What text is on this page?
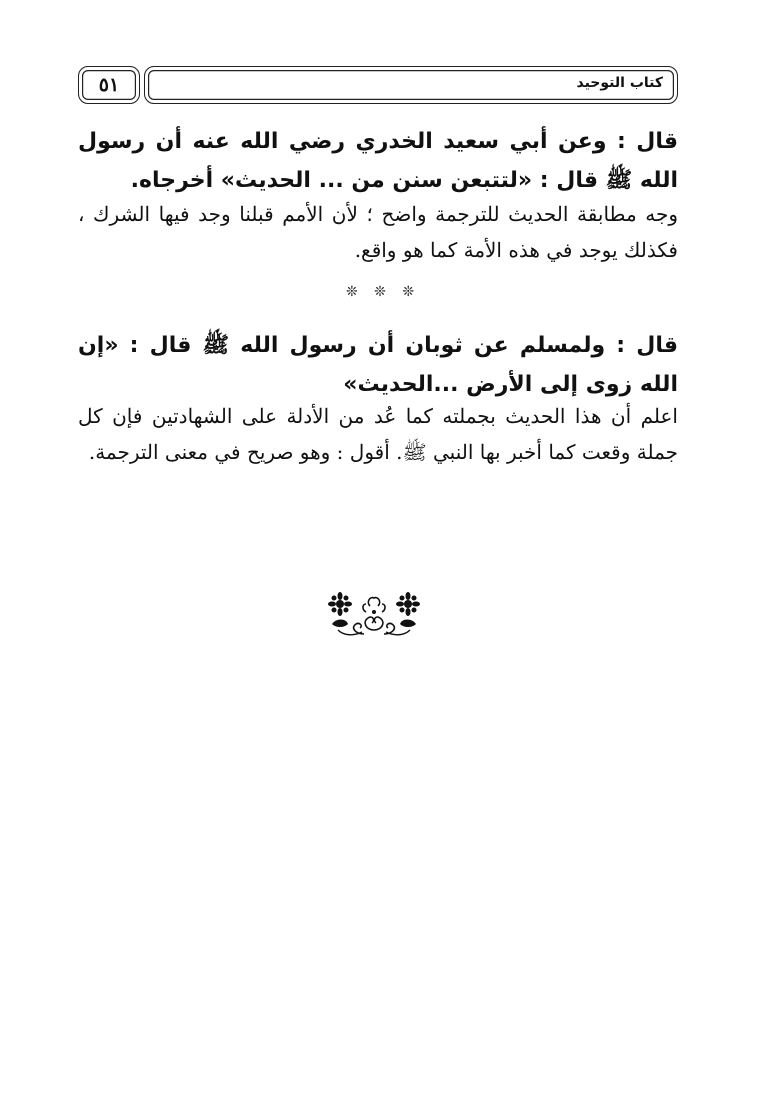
٥١	كتاب التوحيد
قال : وعن أبي سعيد الخدري رضي الله عنه أن رسول الله ﷺ قال : «لتتبعن سنن من ... الحديث» أخرجاه.
وجه مطابقة الحديث للترجمة واضح ؛ لأن الأمم قبلنا وجد فيها الشرك ، فكذلك يوجد في هذه الأمة كما هو واقع.
❊ ❊ ❊
قال : ولمسلم عن ثوبان أن رسول الله ﷺ قال : «إن الله زوى إلى الأرض ...الحديث»
اعلم أن هذا الحديث بجملته كما عُد من الأدلة على الشهادتين فإن كل جملة وقعت كما أخبر بها النبي ﷺ. أقول : وهو صريح في معنى الترجمة.
